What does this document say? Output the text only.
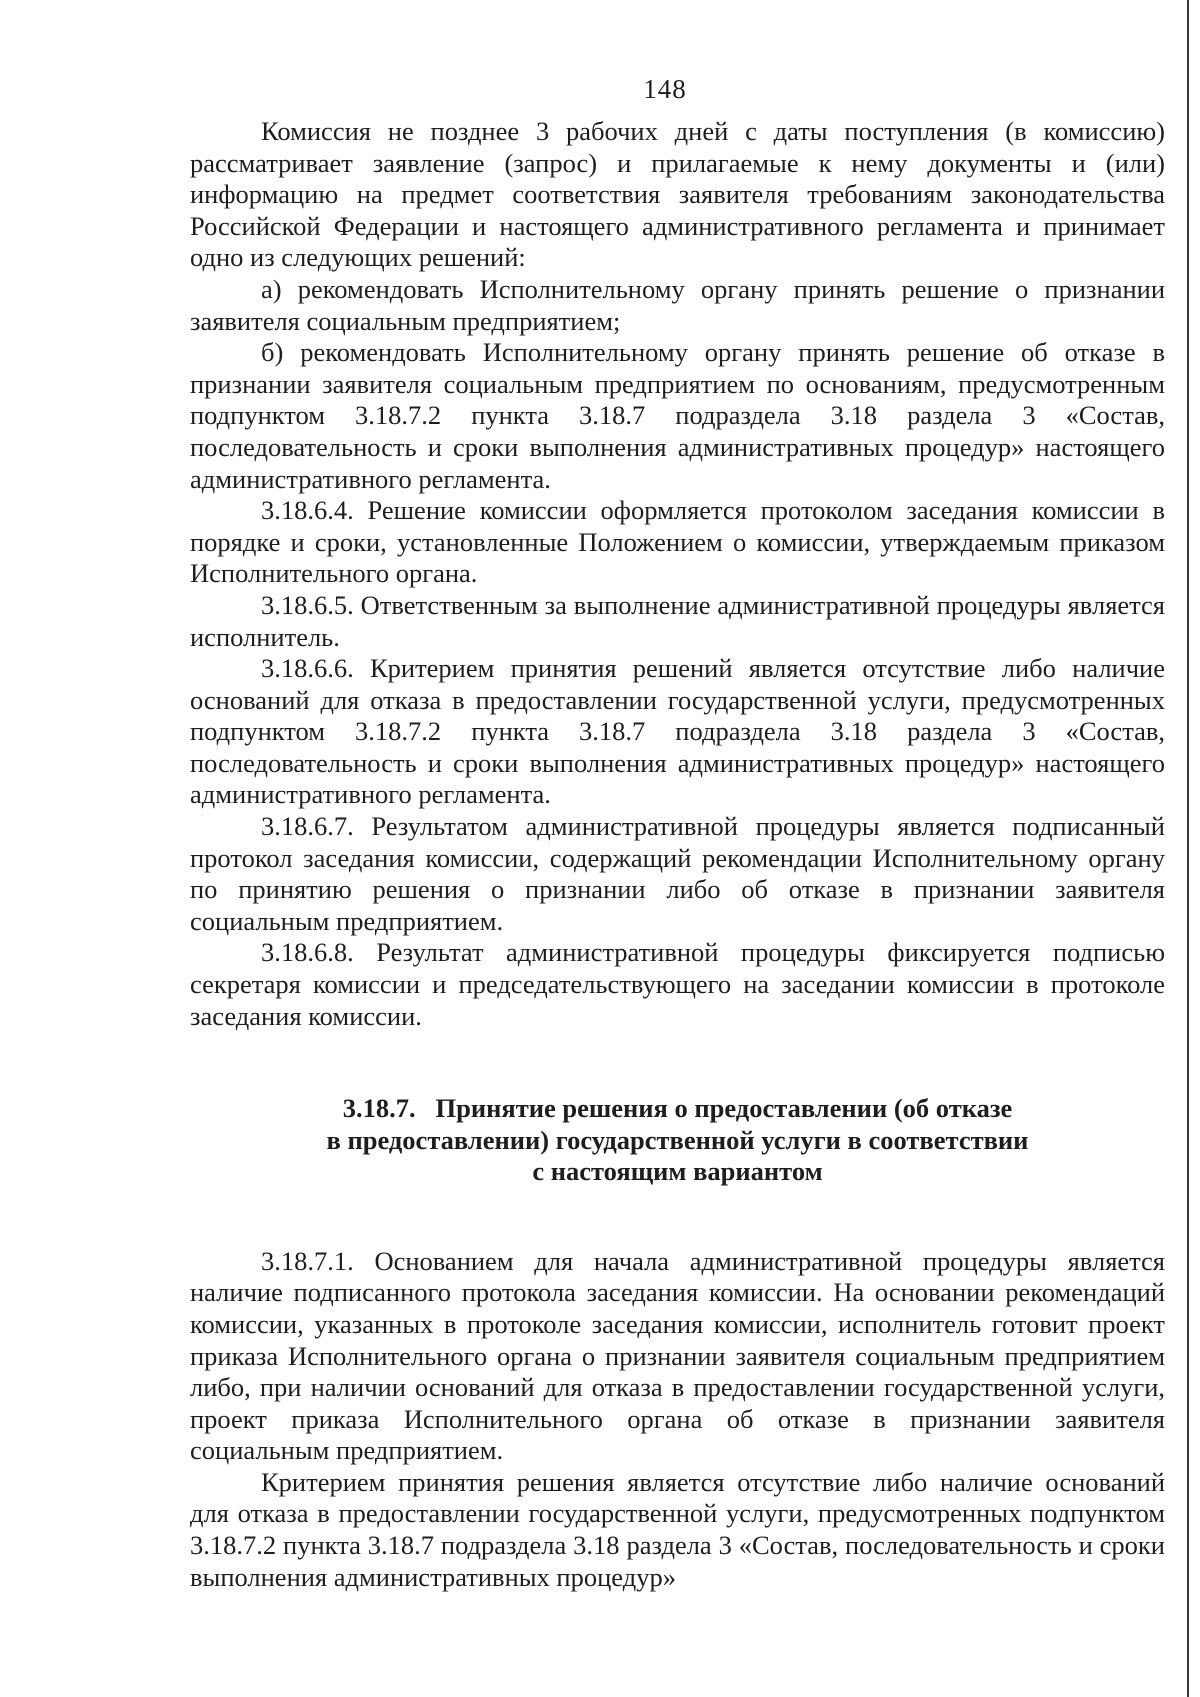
148

Комиссия не позднее 3 рабочих дней с даты поступления (в комиссию) рассматривает заявление (запрос) и прилагаемые к нему документы и (или) информацию на предмет соответствия заявителя требованиям законодательства Российской Федерации и настоящего административного регламента и принимает одно из следующих решений:

а) рекомендовать Исполнительному органу принять решение о признании заявителя социальным предприятием;

б) рекомендовать Исполнительному органу принять решение об отказе в признании заявителя социальным предприятием по основаниям, предусмотренным подпунктом 3.18.7.2 пункта 3.18.7 подраздела 3.18 раздела 3 «Состав, последовательность и сроки выполнения административных процедур» настоящего административного регламента.

3.18.6.4. Решение комиссии оформляется протоколом заседания комиссии в порядке и сроки, установленные Положением о комиссии, утверждаемым приказом Исполнительного органа.

3.18.6.5. Ответственным за выполнение административной процедуры является исполнитель.

3.18.6.6. Критерием принятия решений является отсутствие либо наличие оснований для отказа в предоставлении государственной услуги, предусмотренных подпунктом 3.18.7.2 пункта 3.18.7 подраздела 3.18 раздела 3 «Состав, последовательность и сроки выполнения административных процедур» настоящего административного регламента.

3.18.6.7. Результатом административной процедуры является подписанный протокол заседания комиссии, содержащий рекомендации Исполнительному органу по принятию решения о признании либо об отказе в признании заявителя социальным предприятием.

3.18.6.8. Результат административной процедуры фиксируется подписью секретаря комиссии и председательствующего на заседании комиссии в протоколе заседания комиссии.

3.18.7.   Принятие решения о предоставлении (об отказе
в предоставлении) государственной услуги в соответствии
с настоящим вариантом

3.18.7.1. Основанием для начала административной процедуры является наличие подписанного протокола заседания комиссии. На основании рекомендаций комиссии, указанных в протоколе заседания комиссии, исполнитель готовит проект приказа Исполнительного органа о признании заявителя социальным предприятием либо, при наличии оснований для отказа в предоставлении государственной услуги, проект приказа Исполнительного органа об отказе в признании заявителя социальным предприятием.

Критерием принятия решения является отсутствие либо наличие оснований для отказа в предоставлении государственной услуги, предусмотренных подпунктом 3.18.7.2 пункта 3.18.7 подраздела 3.18 раздела 3 «Состав, последовательность и сроки выполнения административных процедур»
